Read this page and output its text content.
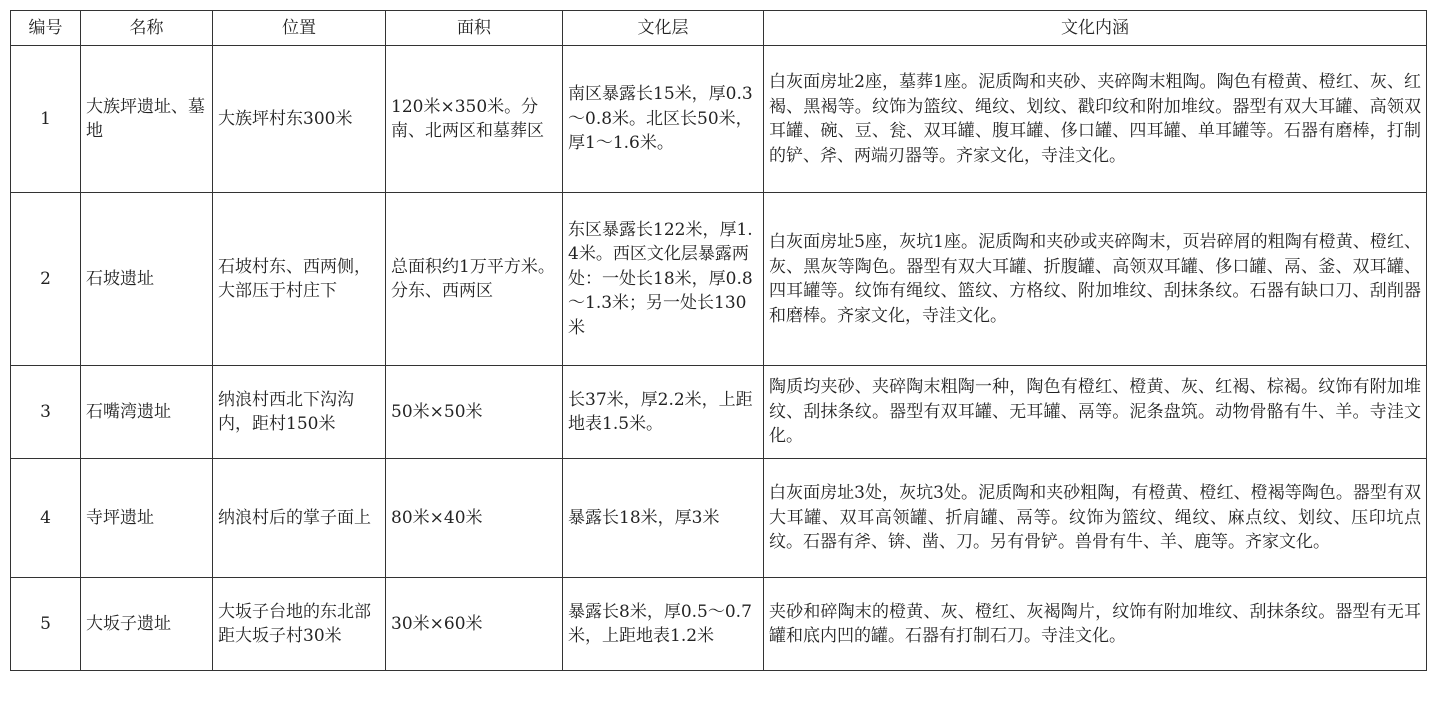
编号	名称	位置	面积	文化层	文化内涵
1	大族坪遗址、墓地	大族坪村东300米	120米×350米。分南、北两区和墓葬区	南区暴露长15米，厚0.3～0.8米。北区长50米，厚1～1.6米。	白灰面房址2座，墓葬1座。泥质陶和夹砂、夹碎陶末粗陶。陶色有橙黄、橙红、灰、红褐、黑褐等。纹饰为篮纹、绳纹、划纹、戳印纹和附加堆纹。器型有双大耳罐、高领双耳罐、碗、豆、瓮、双耳罐、腹耳罐、侈口罐、四耳罐、单耳罐等。石器有磨棒，打制的铲、斧、两端刃器等。齐家文化，寺洼文化。
2	石坡遗址	石坡村东、西两侧，大部压于村庄下	总面积约1万平方米。分东、西两区	东区暴露长122米，厚1.4米。西区文化层暴露两处：一处长18米，厚0.8～1.3米；另一处长130米	白灰面房址5座，灰坑1座。泥质陶和夹砂或夹碎陶末，页岩碎屑的粗陶有橙黄、橙红、灰、黑灰等陶色。器型有双大耳罐、折腹罐、高领双耳罐、侈口罐、鬲、釜、双耳罐、四耳罐等。纹饰有绳纹、篮纹、方格纹、附加堆纹、刮抹条纹。石器有缺口刀、刮削器和磨棒。齐家文化，寺洼文化。
3	石嘴湾遗址	纳浪村西北下沟沟内，距村150米	50米×50米	长37米，厚2.2米，上距地表1.5米。	陶质均夹砂、夹碎陶末粗陶一种，陶色有橙红、橙黄、灰、红褐、棕褐。纹饰有附加堆纹、刮抹条纹。器型有双耳罐、无耳罐、鬲等。泥条盘筑。动物骨骼有牛、羊。寺洼文化。
4	寺坪遗址	纳浪村后的掌子面上	80米×40米	暴露长18米，厚3米	白灰面房址3处，灰坑3处。泥质陶和夹砂粗陶，有橙黄、橙红、橙褐等陶色。器型有双大耳罐、双耳高领罐、折肩罐、鬲等。纹饰为篮纹、绳纹、麻点纹、划纹、压印坑点纹。石器有斧、锛、凿、刀。另有骨铲。兽骨有牛、羊、鹿等。齐家文化。
5	大坂子遗址	大坂子台地的东北部距大坂子村30米	30米×60米	暴露长8米，厚0.5～0.7米，上距地表1.2米	夹砂和碎陶末的橙黄、灰、橙红、灰褐陶片，纹饰有附加堆纹、刮抹条纹。器型有无耳罐和底内凹的罐。石器有打制石刀。寺洼文化。
